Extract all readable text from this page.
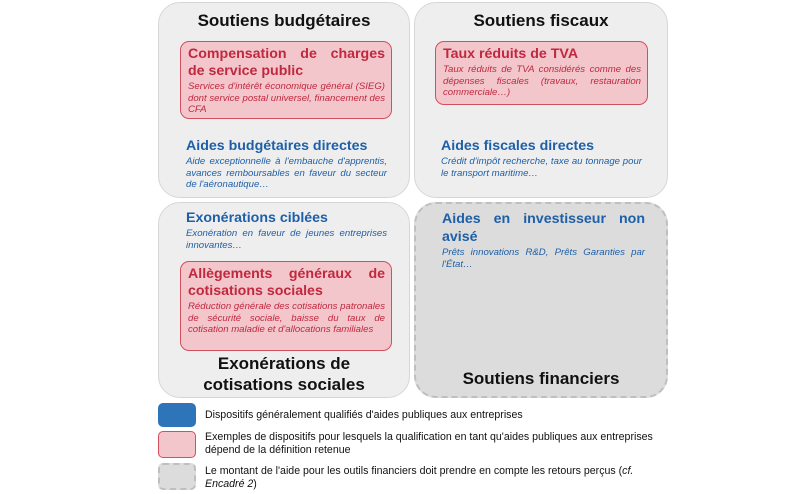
Soutiens budgétaires
Compensation de charges de service public
Services d'intérêt économique général (SIEG) dont service postal universel, financement des CFA
Aides budgétaires directes
Aide exceptionnelle à l'embauche d'apprentis, avances remboursables en faveur du secteur de l'aéronautique…
Soutiens fiscaux
Taux réduits de TVA
Taux réduits de TVA considérés comme des dépenses fiscales (travaux, restauration commerciale…)
Aides fiscales directes
Crédit d'impôt recherche, taxe au tonnage pour le transport maritime…
Exonérations ciblées
Exonération en faveur de jeunes entreprises innovantes…
Allègements généraux de cotisations sociales
Réduction générale des cotisations patronales de sécurité sociale, baisse du taux de cotisation maladie et d'allocations familiales
Exonérations de cotisations sociales
Aides en investisseur non avisé
Prêts innovations R&D, Prêts Garanties par l'État…
Soutiens financiers
Dispositifs généralement qualifiés d'aides publiques aux entreprises
Exemples de dispositifs pour lesquels la qualification en tant qu'aides publiques aux entreprises dépend de la définition retenue
Le montant de l'aide pour les outils financiers doit prendre en compte les retours perçus (cf. Encadré 2)
